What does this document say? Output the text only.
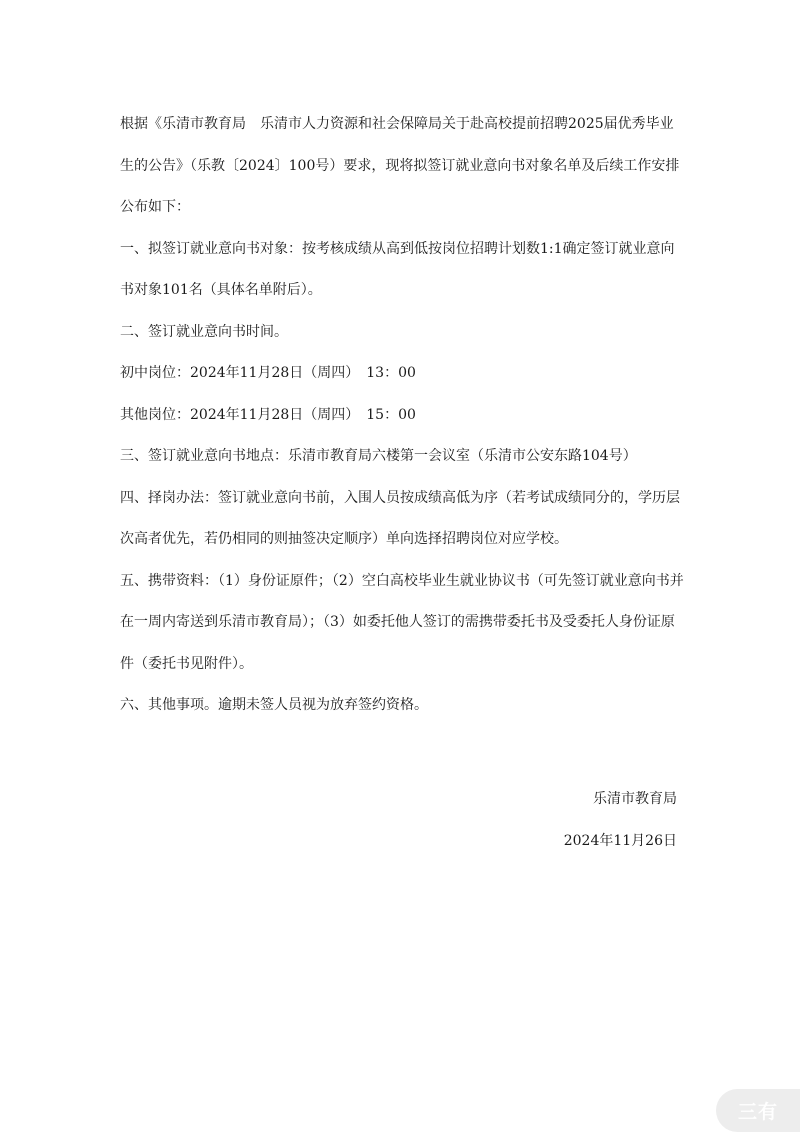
根据《乐清市教育局　乐清市人力资源和社会保障局关于赴高校提前招聘2025届优秀毕业生的公告》（乐教〔2024〕100号）要求，现将拟签订就业意向书对象名单及后续工作安排公布如下：

一、拟签订就业意向书对象：按考核成绩从高到低按岗位招聘计划数1:1确定签订就业意向书对象101名（具体名单附后）。

二、签订就业意向书时间。

初中岗位：2024年11月28日（周四）　13：00

其他岗位：2024年11月28日（周四）　15：00

三、签订就业意向书地点：乐清市教育局六楼第一会议室（乐清市公安东路104号）

四、择岗办法：签订就业意向书前，入围人员按成绩高低为序（若考试成绩同分的，学历层次高者优先，若仍相同的则抽签决定顺序）单向选择招聘岗位对应学校。

五、携带资料：（1）身份证原件；（2）空白高校毕业生就业协议书（可先签订就业意向书并在一周内寄送到乐清市教育局）；（3）如委托他人签订的需携带委托书及受委托人身份证原件（委托书见附件）。

六、其他事项。逾期未签人员视为放弃签约资格。

乐清市教育局
2024年11月26日
三有
